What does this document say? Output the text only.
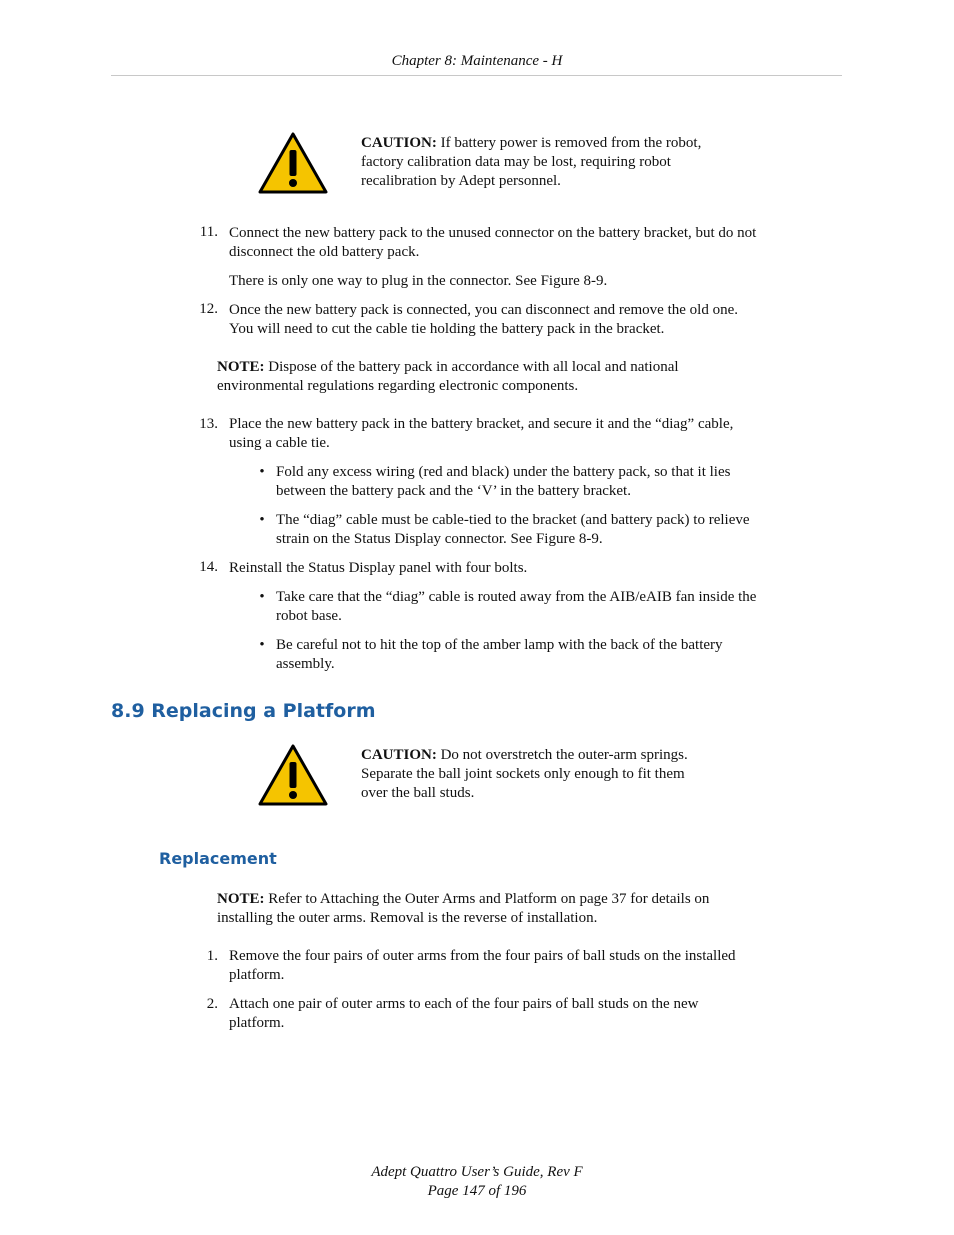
Chapter 8: Maintenance - H
CAUTION: If battery power is removed from the robot,
factory calibration data may be lost, requiring robot
recalibration by Adept personnel.
11. Connect the new battery pack to the unused connector on the battery bracket, but do not
disconnect the old battery pack.
There is only one way to plug in the connector. See Figure 8-9.
12. Once the new battery pack is connected, you can disconnect and remove the old one.
You will need to cut the cable tie holding the battery pack in the bracket.
NOTE: Dispose of the battery pack in accordance with all local and national
environmental regulations regarding electronic components.
13. Place the new battery pack in the battery bracket, and secure it and the “diag” cable,
using a cable tie.
• Fold any excess wiring (red and black) under the battery pack, so that it lies
between the battery pack and the ‘V’ in the battery bracket.
• The “diag” cable must be cable-tied to the bracket (and battery pack) to relieve
strain on the Status Display connector. See Figure 8-9.
14. Reinstall the Status Display panel with four bolts.
• Take care that the “diag” cable is routed away from the AIB/eAIB fan inside the
robot base.
• Be careful not to hit the top of the amber lamp with the back of the battery
assembly.
8.9 Replacing a Platform
CAUTION: Do not overstretch the outer-arm springs.
Separate the ball joint sockets only enough to fit them
over the ball studs.
Replacement
NOTE: Refer to Attaching the Outer Arms and Platform on page 37 for details on
installing the outer arms. Removal is the reverse of installation.
1. Remove the four pairs of outer arms from the four pairs of ball studs on the installed
platform.
2. Attach one pair of outer arms to each of the four pairs of ball studs on the new
platform.
Adept Quattro User’s Guide, Rev F
Page 147 of 196
